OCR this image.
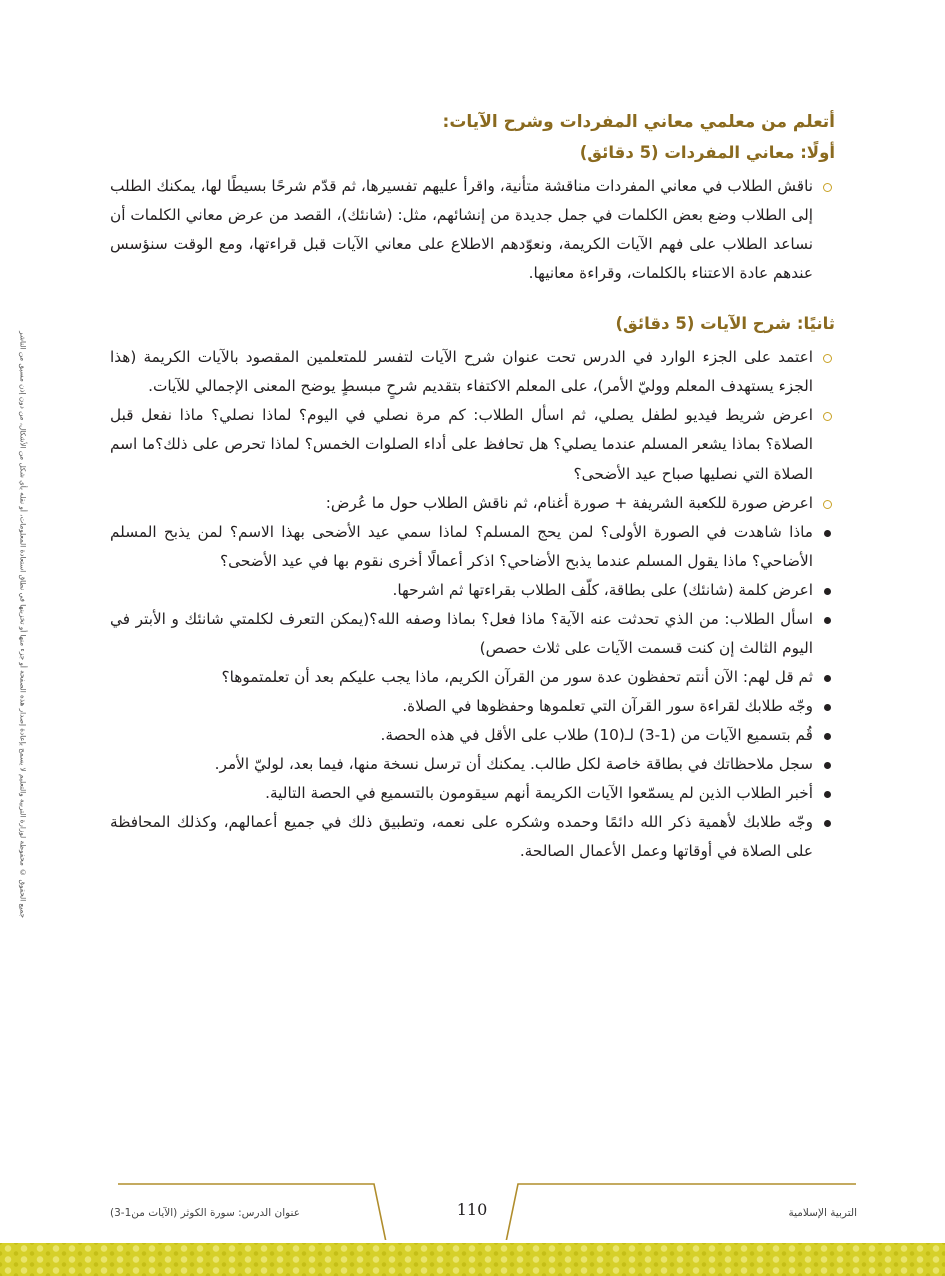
جميع الحقوق © محفوظة لوزارة التربية والتعليم لا يسمح بإعادة إصدار هذه الصفحة أو جزء منها أو تخزينها في نطاق استعادة المعلومات، أو نقله بأي شكل من الأشكال، من دون إذن مسبق من الناشر
أتعلم من معلمي معاني المفردات وشرح الآيات:
أولًا: معاني المفردات (5 دقائق)
ناقش الطلاب في معاني المفردات مناقشة متأنية، واقرأ عليهم تفسيرها، ثم قدّم شرحًا بسيطًا لها، يمكنك الطلب إلى الطلاب وضع بعض الكلمات في جمل جديدة من إنشائهم، مثل: (شانئك)، القصد من عرض معاني الكلمات أن نساعد الطلاب على فهم الآيات الكريمة، ونعوّدهم الاطلاع على معاني الآيات قبل قراءتها، ومع الوقت سنؤسس عندهم عادة الاعتناء بالكلمات، وقراءة معانيها.
ثانيًا: شرح الآيات (5 دقائق)
اعتمد على الجزء الوارد في الدرس تحت عنوان شرح الآيات لتفسر للمتعلمين المقصود بالآيات الكريمة (هذا الجزء يستهدف المعلم ووليّ الأمر)، على المعلم الاكتفاء بتقديم شرحٍ مبسطٍ يوضح المعنى الإجمالي للآيات.
اعرض شريط فيديو لطفل يصلي، ثم اسأل الطلاب: كم مرة نصلي في اليوم؟ لماذا نصلي؟ ماذا نفعل قبل الصلاة؟ بماذا يشعر المسلم عندما يصلي؟ هل تحافظ على أداء الصلوات الخمس؟ لماذا تحرص على ذلك؟ما اسم الصلاة التي نصليها صباح عيد الأضحى؟
اعرض صورة للكعبة الشريفة + صورة أغنام، ثم ناقش الطلاب حول ما عُرض:
ماذا شاهدت في الصورة الأولى؟ لمن يحج المسلم؟ لماذا سمي عيد الأضحى بهذا الاسم؟ لمن يذبح المسلم الأضاحي؟ ماذا يقول المسلم عندما يذبح الأضاحي؟ اذكر أعمالًا أخرى نقوم بها في عيد الأضحى؟
اعرض كلمة (شانئك) على بطاقة، كلّف الطلاب بقراءتها ثم اشرحها.
اسأل الطلاب: من الذي تحدثت عنه الآية؟ ماذا فعل؟ بماذا وصفه الله؟(يمكن التعرف لكلمتي شانئك و الأبتر في اليوم الثالث إن كنت قسمت الآيات على ثلاث حصص)
ثم قل لهم: الآن أنتم تحفظون عدة سور من القرآن الكريم، ماذا يجب عليكم بعد أن تعلمتموها؟
وجّه طلابك لقراءة سور القرآن التي تعلموها وحفظوها في الصلاة.
قُم بتسميع الآيات من (1-3) لـ(10) طلاب على الأقل في هذه الحصة.
سجل ملاحظاتك في بطاقة خاصة لكل طالب. يمكنك أن ترسل نسخة منها، فيما بعد، لوليّ الأمر.
أخبر الطلاب الذين لم يسمّعوا الآيات الكريمة أنهم سيقومون بالتسميع في الحصة التالية.
وجّه طلابك لأهمية ذكر الله دائمًا وحمده وشكره على نعمه، وتطبيق ذلك في جميع أعمالهم، وكذلك المحافظة على الصلاة في أوقاتها وعمل الأعمال الصالحة.
110
عنوان الدرس: سورة الكوثر (الآيات من1-3)	التربية الإسلامية
